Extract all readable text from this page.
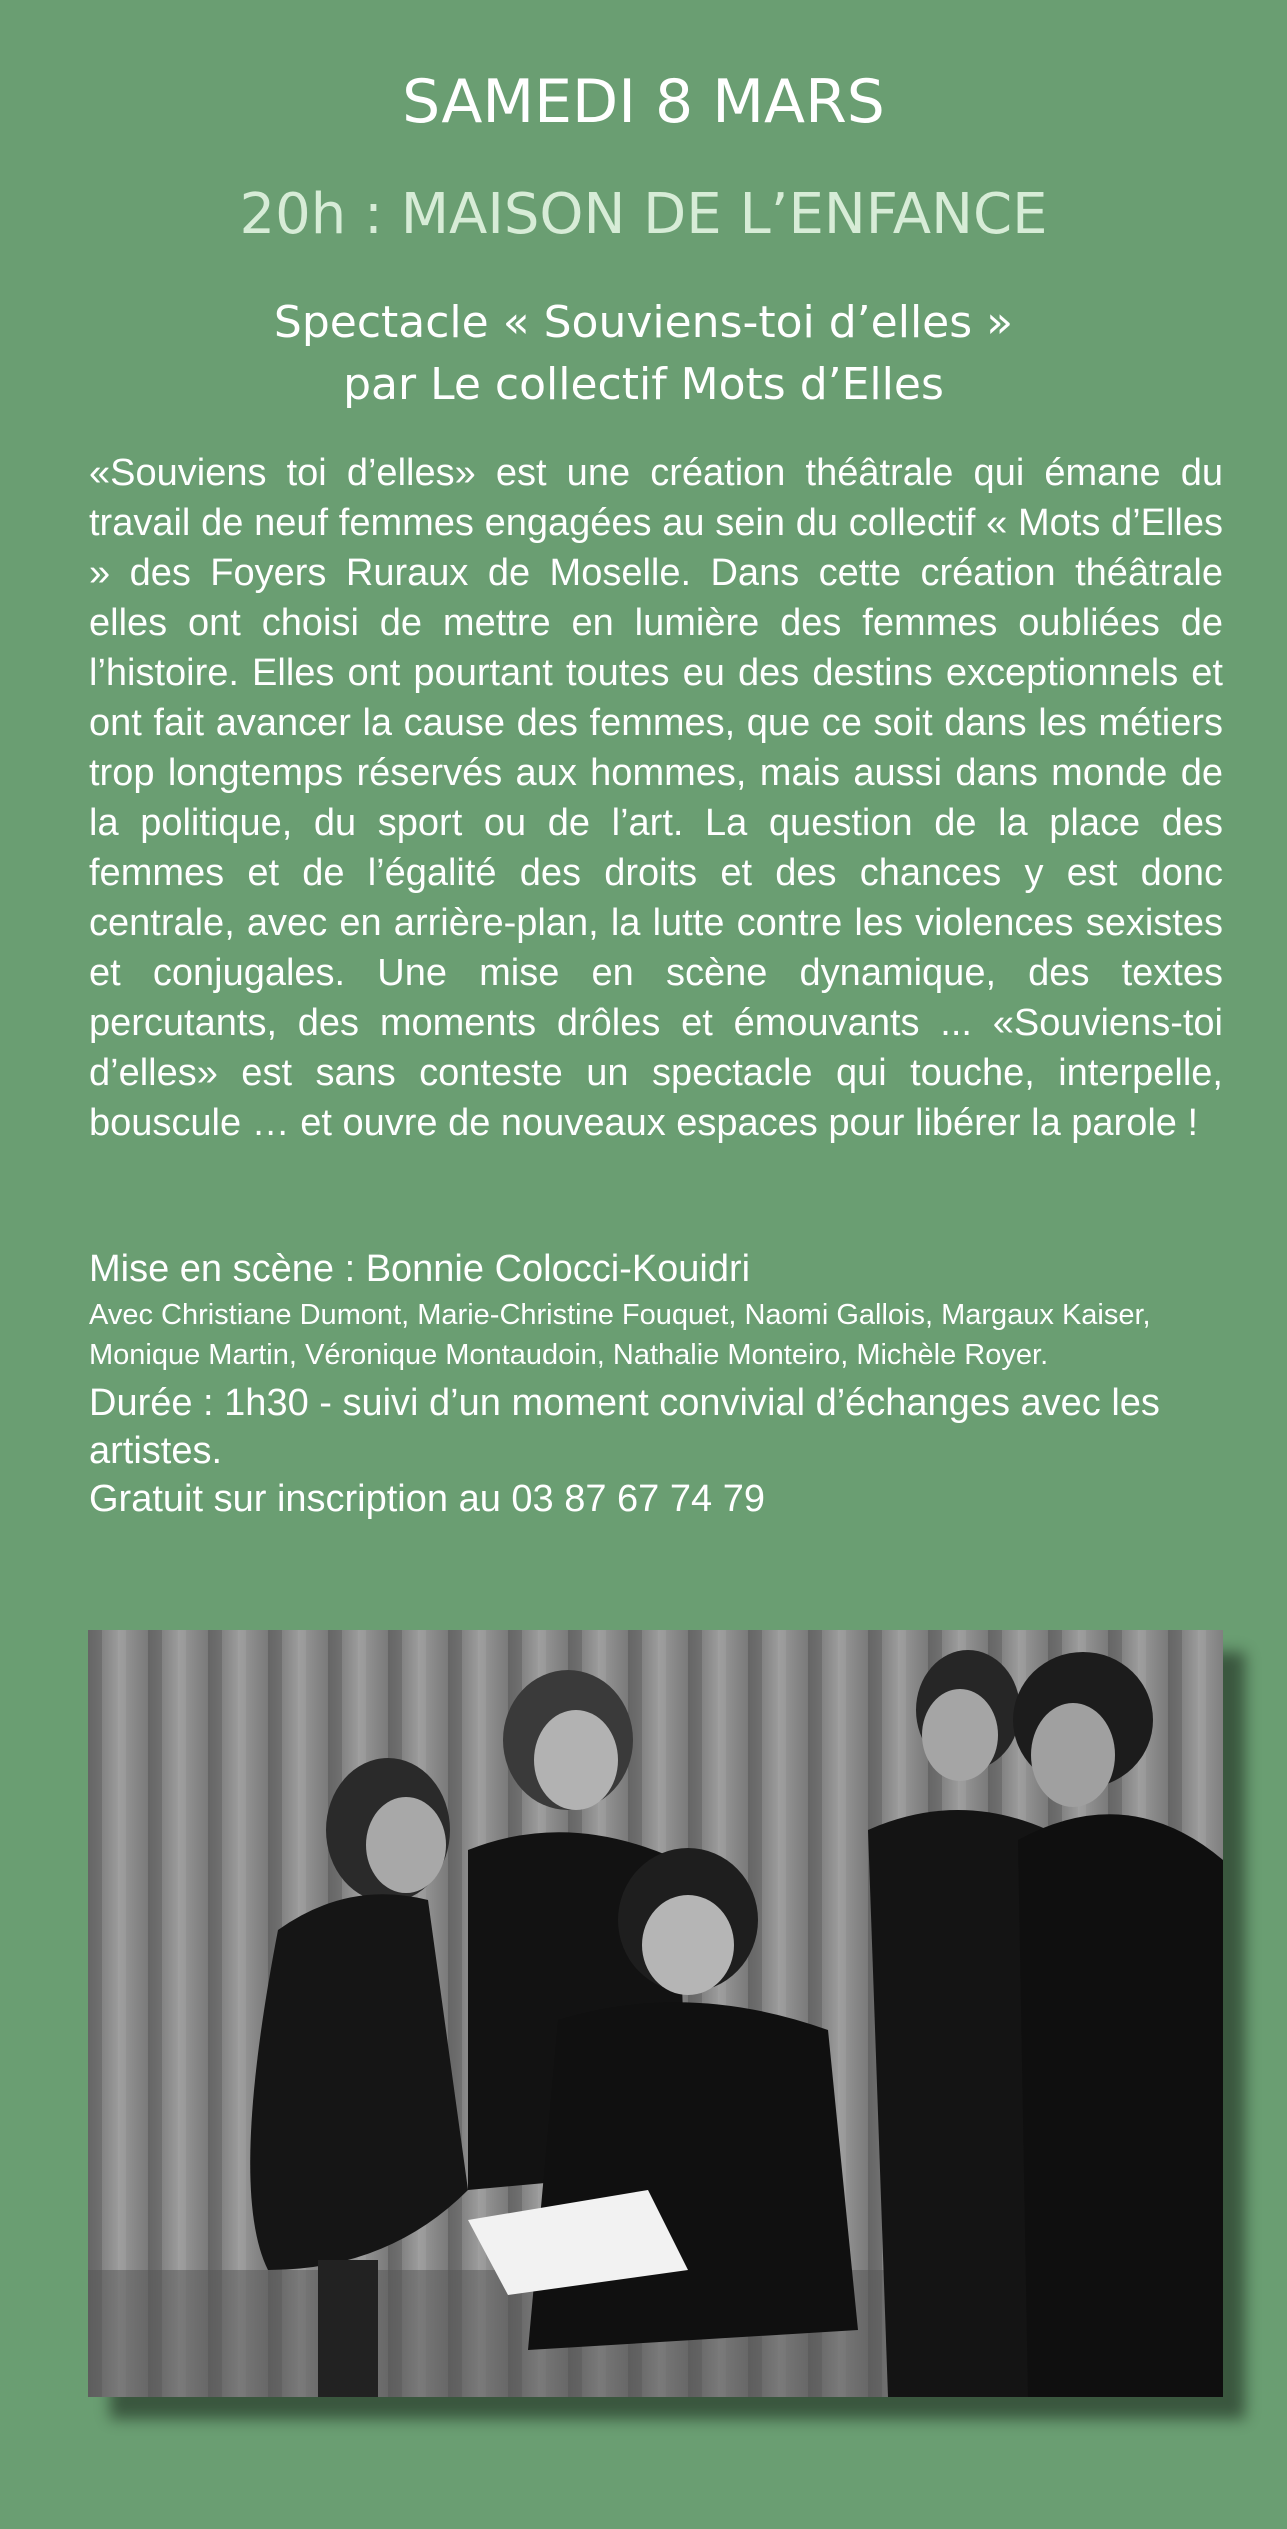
SAMEDI 8 MARS
20h : MAISON DE L’ENFANCE
Spectacle « Souviens-toi d’elles »
par Le collectif Mots d’Elles

«Souviens toi d’elles» est une création théâtrale qui émane du travail de neuf femmes engagées au sein du collectif « Mots d’Elles » des Foyers Ruraux de Moselle. Dans cette création théâtrale elles ont choisi de mettre en lumière des femmes oubliées de l’histoire. Elles ont pourtant toutes eu des destins exceptionnels et ont fait avancer la cause des femmes, que ce soit dans les métiers trop longtemps réservés aux hommes, mais aussi dans monde de la politique, du sport ou de l’art. La question de la place des femmes et de l’égalité des droits et des chances y est donc centrale, avec en arrière-plan, la lutte contre les violences sexistes et conjugales. Une mise en scène dynamique, des textes percutants, des moments drôles et émouvants ... «Souviens-toi d’elles» est sans conteste un spectacle qui touche, interpelle, bouscule … et ouvre de nouveaux espaces pour libérer la parole !

Mise en scène : Bonnie Colocci-Kouidri
Avec Christiane Dumont, Marie-Christine Fouquet, Naomi Gallois, Margaux Kaiser, Monique Martin, Véronique Montaudoin, Nathalie Monteiro, Michèle Royer.
Durée : 1h30 - suivi d’un moment convivial d’échanges avec les artistes.
Gratuit sur inscription au 03 87 67 74 79
